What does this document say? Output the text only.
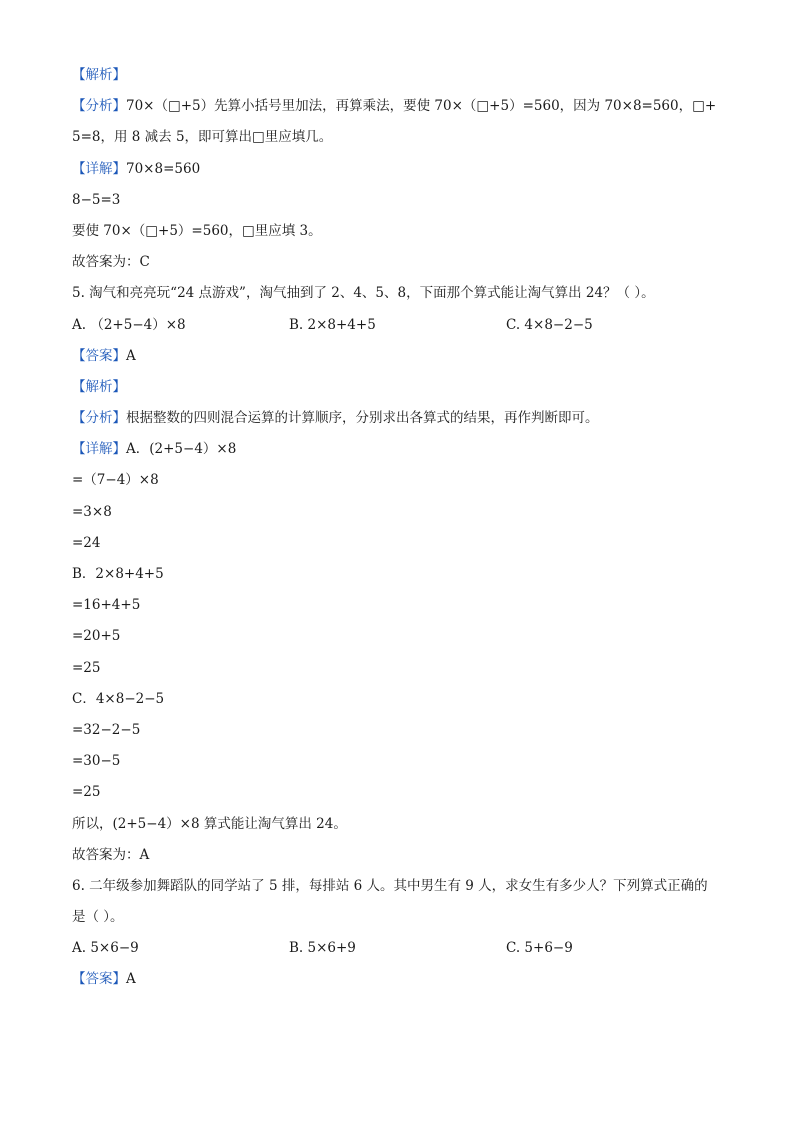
【解析】
【分析】70×（□+5）先算小括号里加法，再算乘法，要使 70×（□+5）=560，因为 70×8=560，□+
5=8，用 8 减去 5，即可算出□里应填几。
【详解】70×8=560
8−5=3
要使 70×（□+5）=560，□里应填 3。
故答案为：C
5. 淘气和亮亮玩“24 点游戏”，淘气抽到了 2、4、5、8，下面那个算式能让淘气算出 24？（ ）。
A. （2+5−4）×8	B. 2×8+4+5	C. 4×8−2−5
【答案】A
【解析】
【分析】根据整数的四则混合运算的计算顺序，分别求出各算式的结果，再作判断即可。
【详解】A．(2+5−4）×8
=（7−4）×8
=3×8
=24
B．2×8+4+5
=16+4+5
=20+5
=25
C．4×8−2−5
=32−2−5
=30−5
=25
所以，(2+5−4）×8 算式能让淘气算出 24。
故答案为：A
6. 二年级参加舞蹈队的同学站了 5 排，每排站 6 人。其中男生有 9 人，求女生有多少人？下列算式正确的
是（ ）。
A. 5×6−9	B. 5×6+9	C. 5+6−9
【答案】A
